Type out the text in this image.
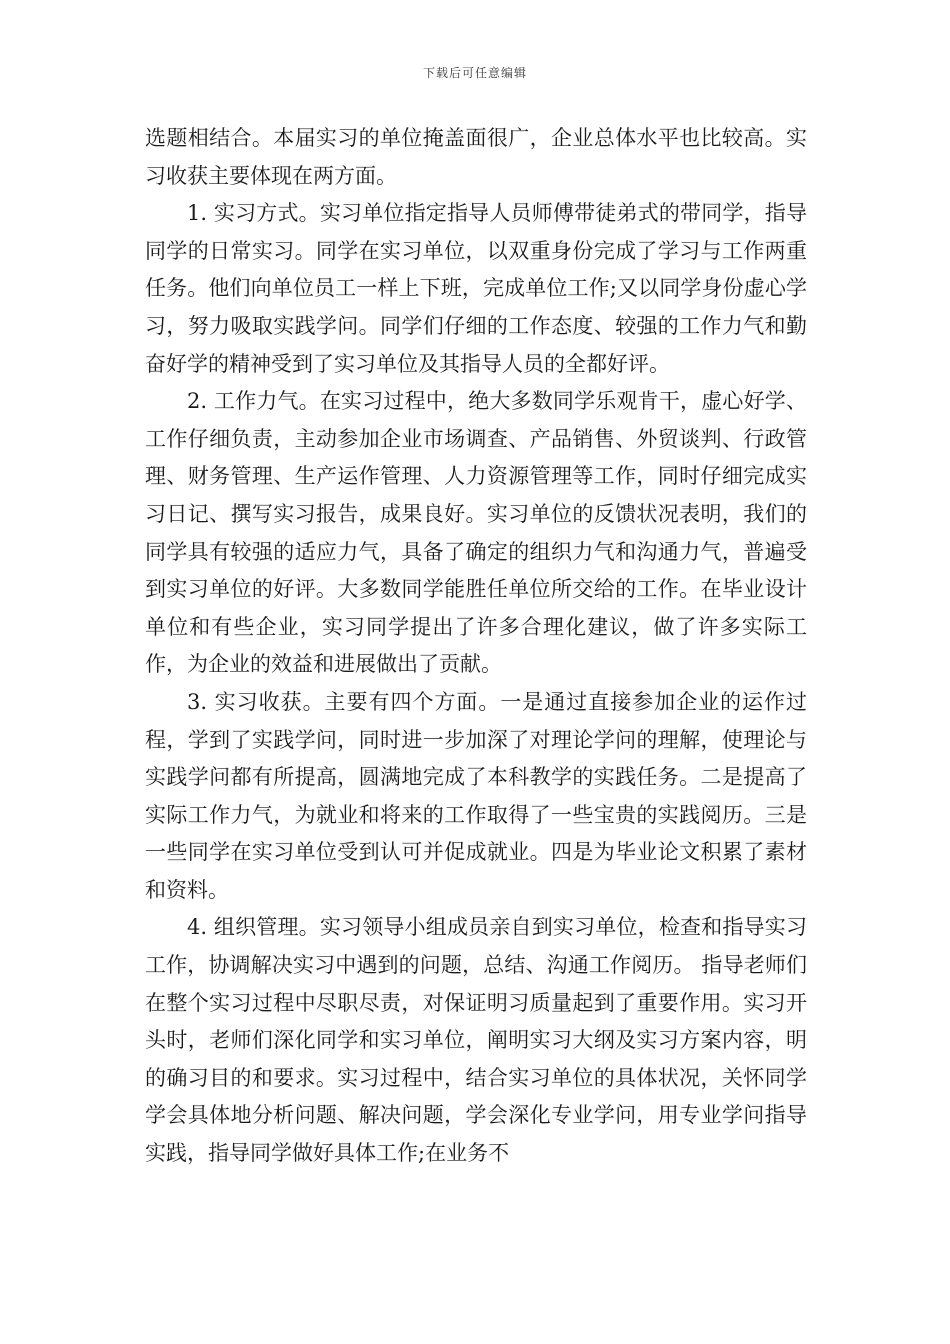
下载后可任意编辑

选题相结合。本届实习的单位掩盖面很广，企业总体水平也比较高。实习收获主要体现在两方面。

1. 实习方式。实习单位指定指导人员师傅带徒弟式的带同学，指导同学的日常实习。同学在实习单位，以双重身份完成了学习与工作两重任务。他们向单位员工一样上下班，完成单位工作;又以同学身份虚心学习，努力吸取实践学问。同学们仔细的工作态度、较强的工作力气和勤奋好学的精神受到了实习单位及其指导人员的全都好评。

2. 工作力气。在实习过程中，绝大多数同学乐观肯干，虚心好学、工作仔细负责，主动参加企业市场调查、产品销售、外贸谈判、行政管理、财务管理、生产运作管理、人力资源管理等工作，同时仔细完成实习日记、撰写实习报告，成果良好。实习单位的反馈状况表明，我们的同学具有较强的适应力气，具备了确定的组织力气和沟通力气，普遍受到实习单位的好评。大多数同学能胜任单位所交给的工作。在毕业设计单位和有些企业，实习同学提出了许多合理化建议，做了许多实际工作，为企业的效益和进展做出了贡献。

3. 实习收获。主要有四个方面。一是通过直接参加企业的运作过程，学到了实践学问，同时进一步加深了对理论学问的理解，使理论与实践学问都有所提高，圆满地完成了本科教学的实践任务。二是提高了实际工作力气，为就业和将来的工作取得了一些宝贵的实践阅历。三是一些同学在实习单位受到认可并促成就业。四是为毕业论文积累了素材和资料。

4. 组织管理。实习领导小组成员亲自到实习单位，检查和指导实习工作，协调解决实习中遇到的问题，总结、沟通工作阅历。 指导老师们在整个实习过程中尽职尽责，对保证明习质量起到了重要作用。实习开头时，老师们深化同学和实习单位，阐明实习大纲及实习方案内容，明的确习目的和要求。实习过程中，结合实习单位的具体状况，关怀同学学会具体地分析问题、解决问题，学会深化专业学问，用专业学问指导实践，指导同学做好具体工作;在业务不
